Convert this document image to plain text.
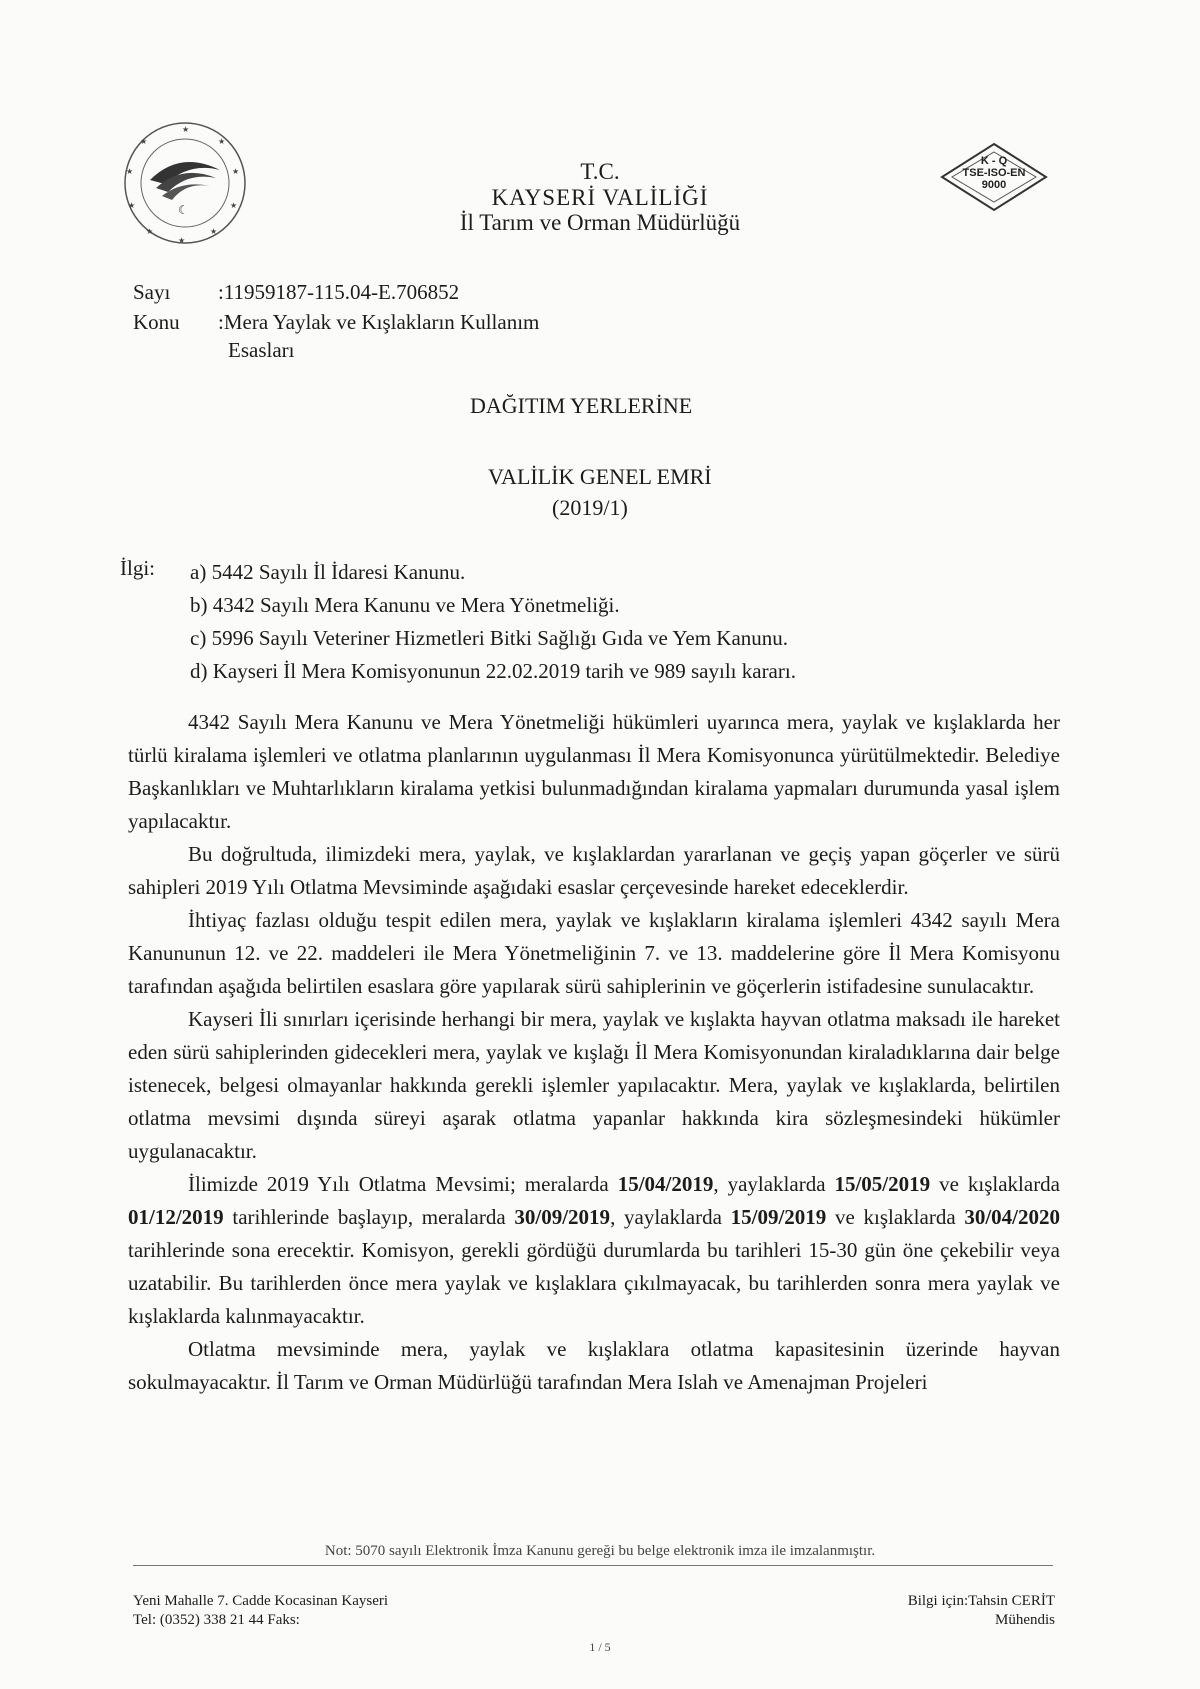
★
★
★
★
★
★
★
★
★
★
☾
K - Q
TSE-ISO-EN
9000
T.C.
KAYSERİ VALİLİĞİ
İl Tarım ve Orman Müdürlüğü
Sayı	:11959187-115.04-E.706852
Konu	:Mera Yaylak ve Kışlakların Kullanım
Esasları
DAĞITIM YERLERİNE
VALİLİK GENEL EMRİ
(2019/1)
İlgi: a) 5442 Sayılı İl İdaresi Kanunu.
b) 4342 Sayılı Mera Kanunu ve Mera Yönetmeliği.
c) 5996 Sayılı Veteriner Hizmetleri Bitki Sağlığı Gıda ve Yem Kanunu.
d) Kayseri İl Mera Komisyonunun 22.02.2019 tarih ve 989 sayılı kararı.

4342 Sayılı Mera Kanunu ve Mera Yönetmeliği hükümleri uyarınca mera, yaylak ve kışlaklarda her türlü kiralama işlemleri ve otlatma planlarının uygulanması İl Mera Komisyonunca yürütülmektedir. Belediye Başkanlıkları ve Muhtarlıkların kiralama yetkisi bulunmadığından kiralama yapmaları durumunda yasal işlem yapılacaktır.

Bu doğrultuda, ilimizdeki mera, yaylak, ve kışlaklardan yararlanan ve geçiş yapan göçerler ve sürü sahipleri 2019 Yılı Otlatma Mevsiminde aşağıdaki esaslar çerçevesinde hareket edeceklerdir.

İhtiyaç fazlası olduğu tespit edilen mera, yaylak ve kışlakların kiralama işlemleri 4342 sayılı Mera Kanununun 12. ve 22. maddeleri ile Mera Yönetmeliğinin 7. ve 13. maddelerine göre İl Mera Komisyonu tarafından aşağıda belirtilen esaslara göre yapılarak sürü sahiplerinin ve göçerlerin istifadesine sunulacaktır.

Kayseri İli sınırları içerisinde herhangi bir mera, yaylak ve kışlakta hayvan otlatma maksadı ile hareket eden sürü sahiplerinden gidecekleri mera, yaylak ve kışlağı İl Mera Komisyonundan kiraladıklarına dair belge istenecek, belgesi olmayanlar hakkında gerekli işlemler yapılacaktır. Mera, yaylak ve kışlaklarda, belirtilen otlatma mevsimi dışında süreyi aşarak otlatma yapanlar hakkında kira sözleşmesindeki hükümler uygulanacaktır.

İlimizde 2019 Yılı Otlatma Mevsimi; meralarda 15/04/2019, yaylaklarda 15/05/2019 ve kışlaklarda 01/12/2019 tarihlerinde başlayıp, meralarda 30/09/2019, yaylaklarda 15/09/2019 ve kışlaklarda 30/04/2020 tarihlerinde sona erecektir. Komisyon, gerekli gördüğü durumlarda bu tarihleri 15-30 gün öne çekebilir veya uzatabilir. Bu tarihlerden önce mera yaylak ve kışlaklara çıkılmayacak, bu tarihlerden sonra mera yaylak ve kışlaklarda kalınmayacaktır.

Otlatma mevsiminde mera, yaylak ve kışlaklara otlatma kapasitesinin üzerinde hayvan sokulmayacaktır. İl Tarım ve Orman Müdürlüğü tarafından Mera Islah ve Amenajman Projeleri

Not: 5070 sayılı Elektronik İmza Kanunu gereği bu belge elektronik imza ile imzalanmıştır.
Yeni Mahalle 7. Cadde Kocasinan Kayseri
Tel: (0352) 338 21 44 Faks:
Bilgi için:Tahsin CERİT
Mühendis
1 / 5
